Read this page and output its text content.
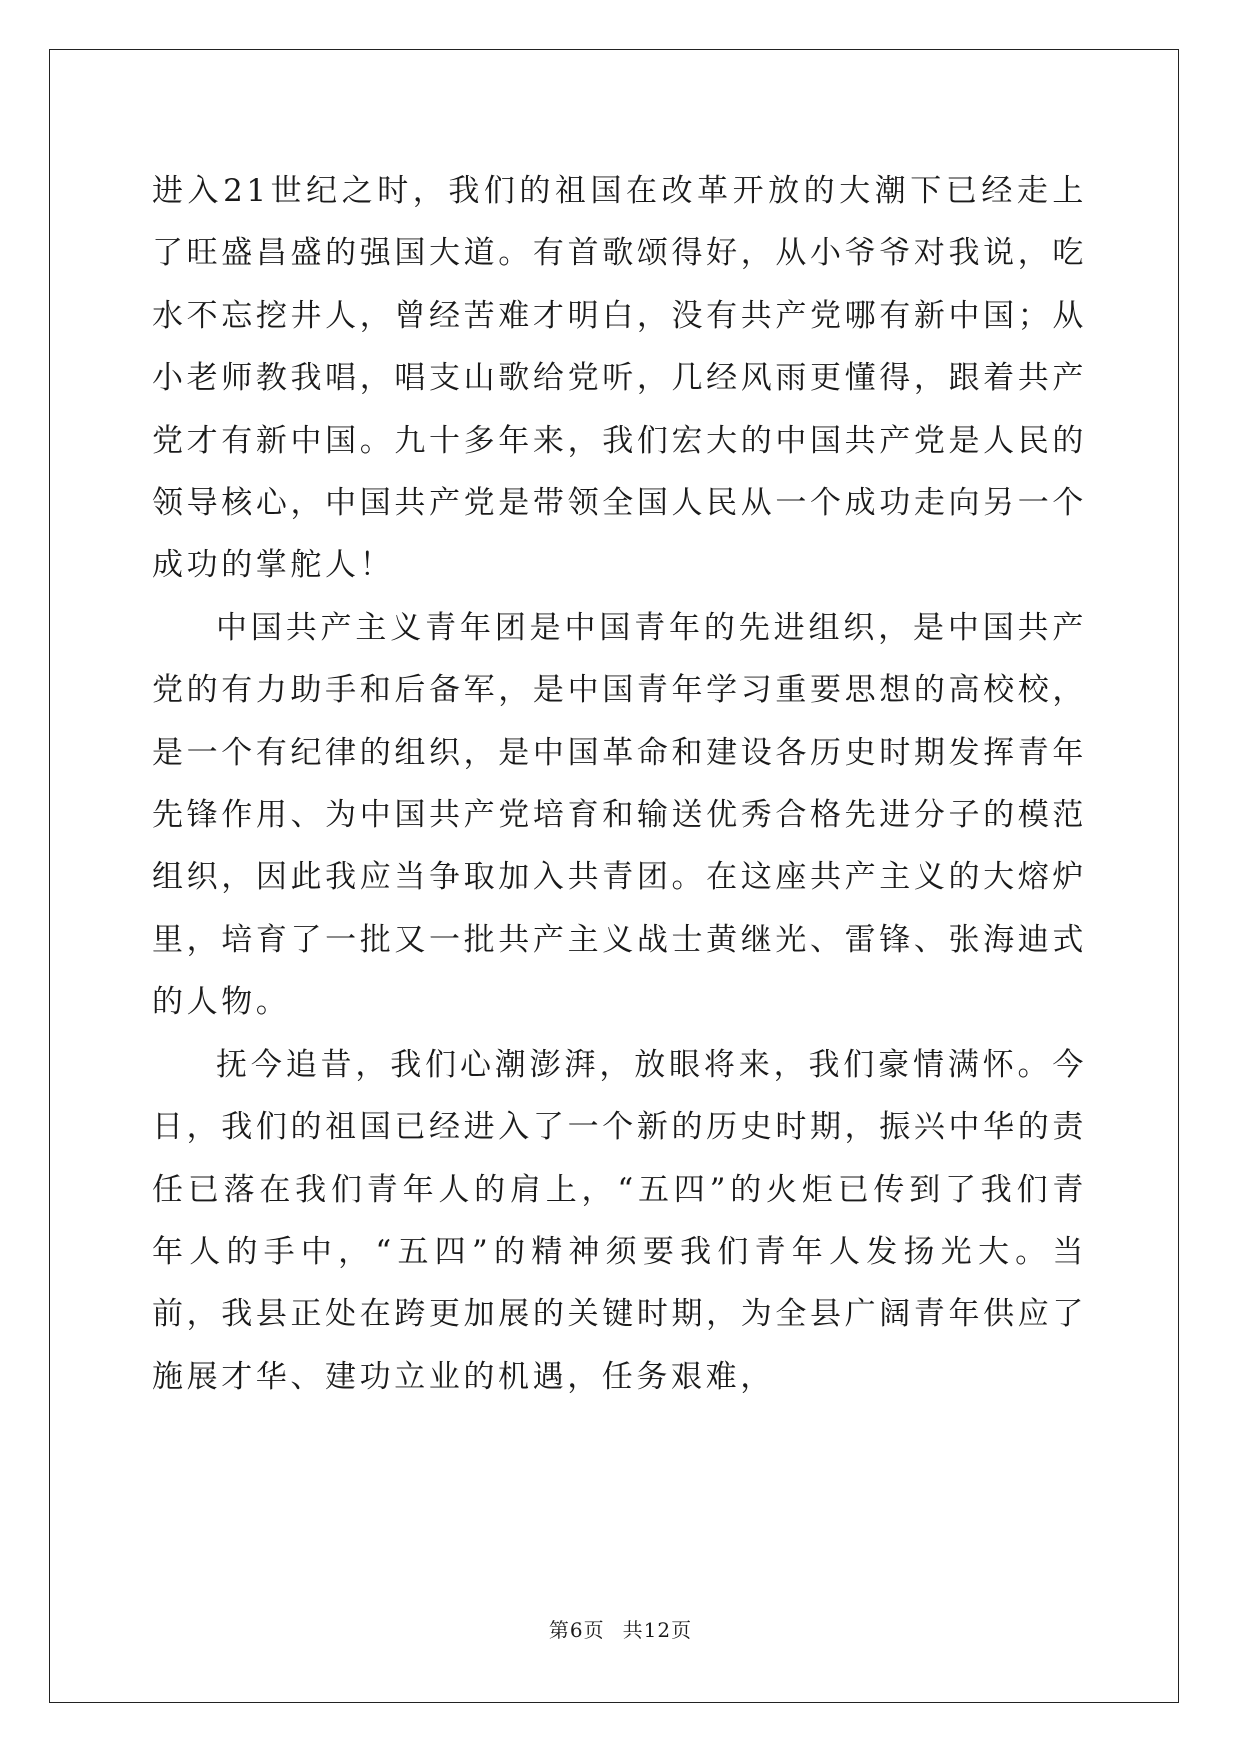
进入21世纪之时，我们的祖国在改革开放的大潮下已经走上了旺盛昌盛的强国大道。有首歌颂得好，从小爷爷对我说，吃水不忘挖井人，曾经苦难才明白，没有共产党哪有新中国；从小老师教我唱，唱支山歌给党听，几经风雨更懂得，跟着共产党才有新中国。九十多年来，我们宏大的中国共产党是人民的领导核心，中国共产党是带领全国人民从一个成功走向另一个成功的掌舵人！

中国共产主义青年团是中国青年的先进组织，是中国共产党的有力助手和后备军，是中国青年学习重要思想的高校校，是一个有纪律的组织，是中国革命和建设各历史时期发挥青年先锋作用、为中国共产党培育和输送优秀合格先进分子的模范组织，因此我应当争取加入共青团。在这座共产主义的大熔炉里，培育了一批又一批共产主义战士黄继光、雷锋、张海迪式的人物。

抚今追昔，我们心潮澎湃，放眼将来，我们豪情满怀。今日，我们的祖国已经进入了一个新的历史时期，振兴中华的责任已落在我们青年人的肩上，“五四”的火炬已传到了我们青年人的手中，“五四”的精神须要我们青年人发扬光大。当前，我县正处在跨更加展的关键时期，为全县广阔青年供应了施展才华、建功立业的机遇，任务艰难，

第6页 共12页
